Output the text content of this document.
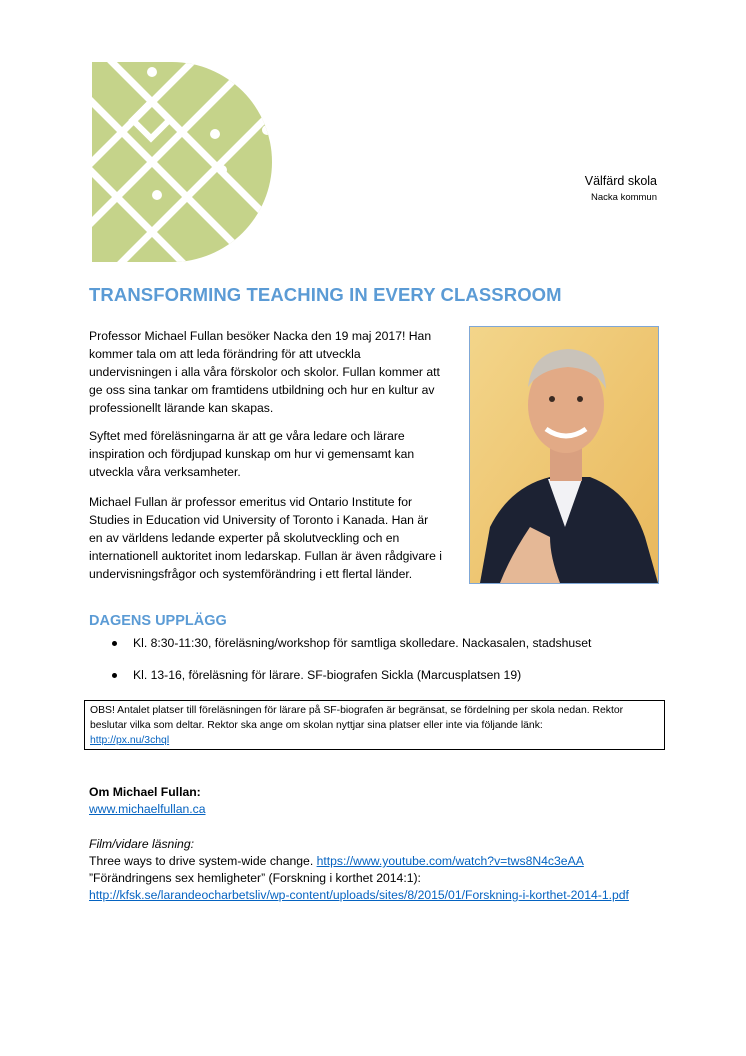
Välfärd skola
Nacka kommun
TRANSFORMING TEACHING IN EVERY CLASSROOM
Professor Michael Fullan besöker Nacka den 19 maj 2017! Han kommer tala om att leda förändring för att utveckla undervisningen i alla våra förskolor och skolor. Fullan kommer att ge oss sina tankar om framtidens utbildning och hur en kultur av professionellt lärande kan skapas.
Syftet med föreläsningarna är att ge våra ledare och lärare inspiration och fördjupad kunskap om hur vi gemensamt kan utveckla våra verksamheter.
Michael Fullan är professor emeritus vid Ontario Institute for Studies in Education vid University of Toronto i Kanada. Han är en av världens ledande experter på skolutveckling och en internationell auktoritet inom ledarskap. Fullan är även rådgivare i undervisningsfrågor och systemförändring i ett flertal länder.
DAGENS UPPLÄGG
Kl. 8:30-11:30, föreläsning/workshop för samtliga skolledare. Nackasalen, stadshuset
Kl. 13-16, föreläsning för lärare. SF-biografen Sickla (Marcusplatsen 19)
OBS! Antalet platser till föreläsningen för lärare på SF-biografen är begränsat, se fördelning per skola nedan. Rektor beslutar vilka som deltar. Rektor ska ange om skolan nyttjar sina platser eller inte via följande länk:
http://px.nu/3chql
Om Michael Fullan:
www.michaelfullan.ca
Film/vidare läsning:
Three ways to drive system-wide change. https://www.youtube.com/watch?v=tws8N4c3eAA
”Förändringens sex hemligheter” (Forskning i korthet 2014:1):
http://kfsk.se/larandeocharbetsliv/wp-content/uploads/sites/8/2015/01/Forskning-i-korthet-2014-1.pdf
